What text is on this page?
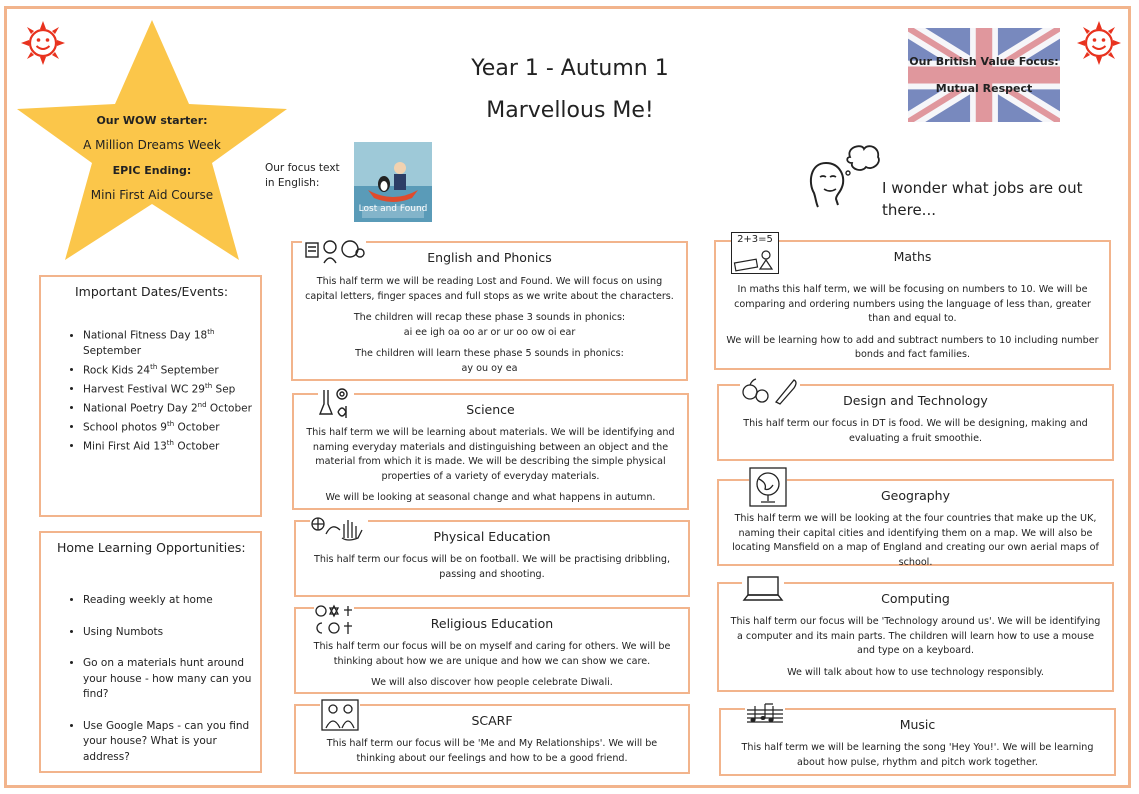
Our WOW starter:
A Million Dreams Week
EPIC Ending:
Mini First Aid Course
Year 1 - Autumn 1
Marvellous Me!
Our British Value Focus:
Mutual Respect
Our focus text
in English:
Lost and Found
I wonder what jobs are out
there...
Important Dates/Events:
• National Fitness Day 18th September
• Rock Kids 24th September
• Harvest Festival WC 29th Sep
• National Poetry Day 2nd October
• School photos 9th October
• Mini First Aid 13th October
Home Learning Opportunities:
• Reading weekly at home
• Using Numbots
• Go on a materials hunt around your house - how many can you find?
• Use Google Maps - can you find your house? What is your address?
English and Phonics

This half term we will be reading Lost and Found. We will focus on using capital letters, finger spaces and full stops as we write about the characters.

The children will recap these phase 3 sounds in phonics:

ai ee igh oa oo ar or ur oo ow oi ear

The children will learn these phase 5 sounds in phonics:
ay ou oy ea
Science

This half term we will be learning about materials. We will be identifying and naming everyday materials and distinguishing between an object and the material from which it is made. We will be describing the simple physical properties of a variety of everyday materials.

We will be looking at seasonal change and what happens in autumn.
Physical Education
This half term our focus will be on football. We will be practising dribbling, passing and shooting.
Religious Education

This half term our focus will be on myself and caring for others. We will be thinking about how we are unique and how we can show we care.

We will also discover how people celebrate Diwali.
SCARF
This half term our focus will be 'Me and My Relationships'. We will be thinking about our feelings and how to be a good friend.
Maths

In maths this half term, we will be focusing on numbers to 10. We will be comparing and ordering numbers using the language of less than, greater than and equal to.

We will be learning how to add and subtract numbers to 10 including number bonds and fact families.
2+3=5
Design and Technology
This half term our focus in DT is food. We will be designing, making and evaluating a fruit smoothie.
Geography
This half term we will be looking at the four countries that make up the UK, naming their capital cities and identifying them on a map. We will also be locating Mansfield on a map of England and creating our own aerial maps of school.
Computing

This half term our focus will be 'Technology around us'. We will be identifying a computer and its main parts. The children will learn how to use a mouse and type on a keyboard.

We will talk about how to use technology responsibly.
Music
This half term we will be learning the song 'Hey You!'. We will be learning about how pulse, rhythm and pitch work together.
